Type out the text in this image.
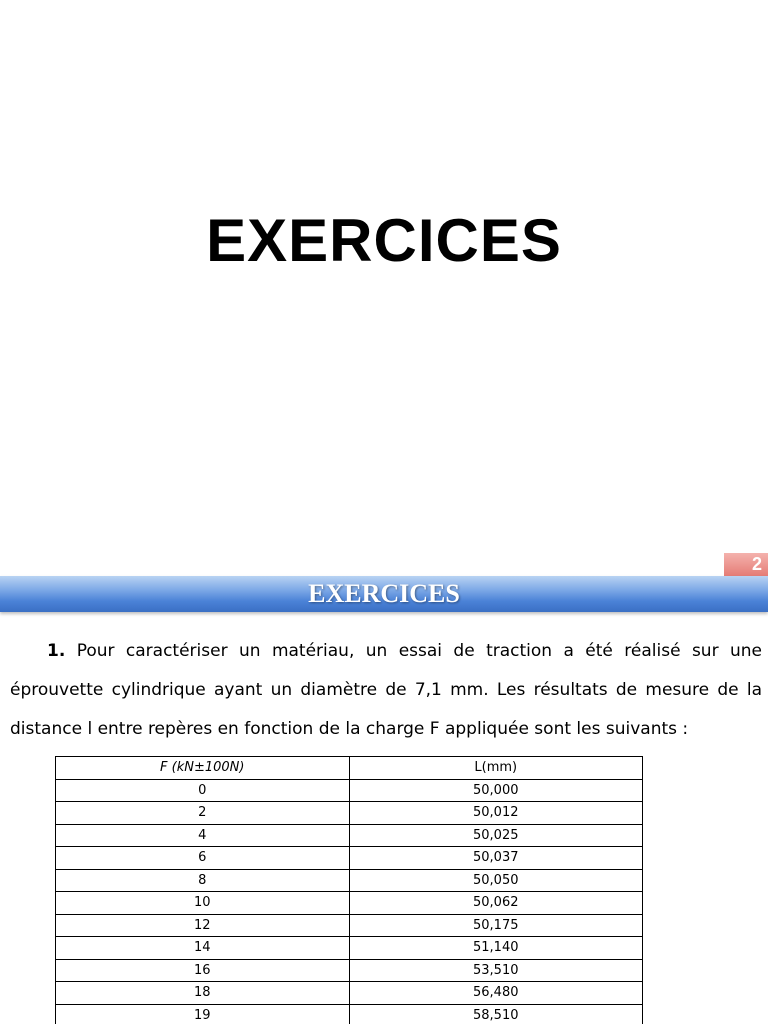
EXERCICES
2
EXERCICES
1. Pour caractériser un matériau, un essai de traction a été réalisé sur une
éprouvette cylindrique ayant un diamètre de 7,1 mm. Les résultats de mesure de la
distance l entre repères en fonction de la charge F appliquée sont les suivants :
F (kN±100N)	L(mm)
0	50,000
2	50,012
4	50,025
6	50,037
8	50,050
10	50,062
12	50,175
14	51,140
16	53,510
18	56,480
19	58,510
